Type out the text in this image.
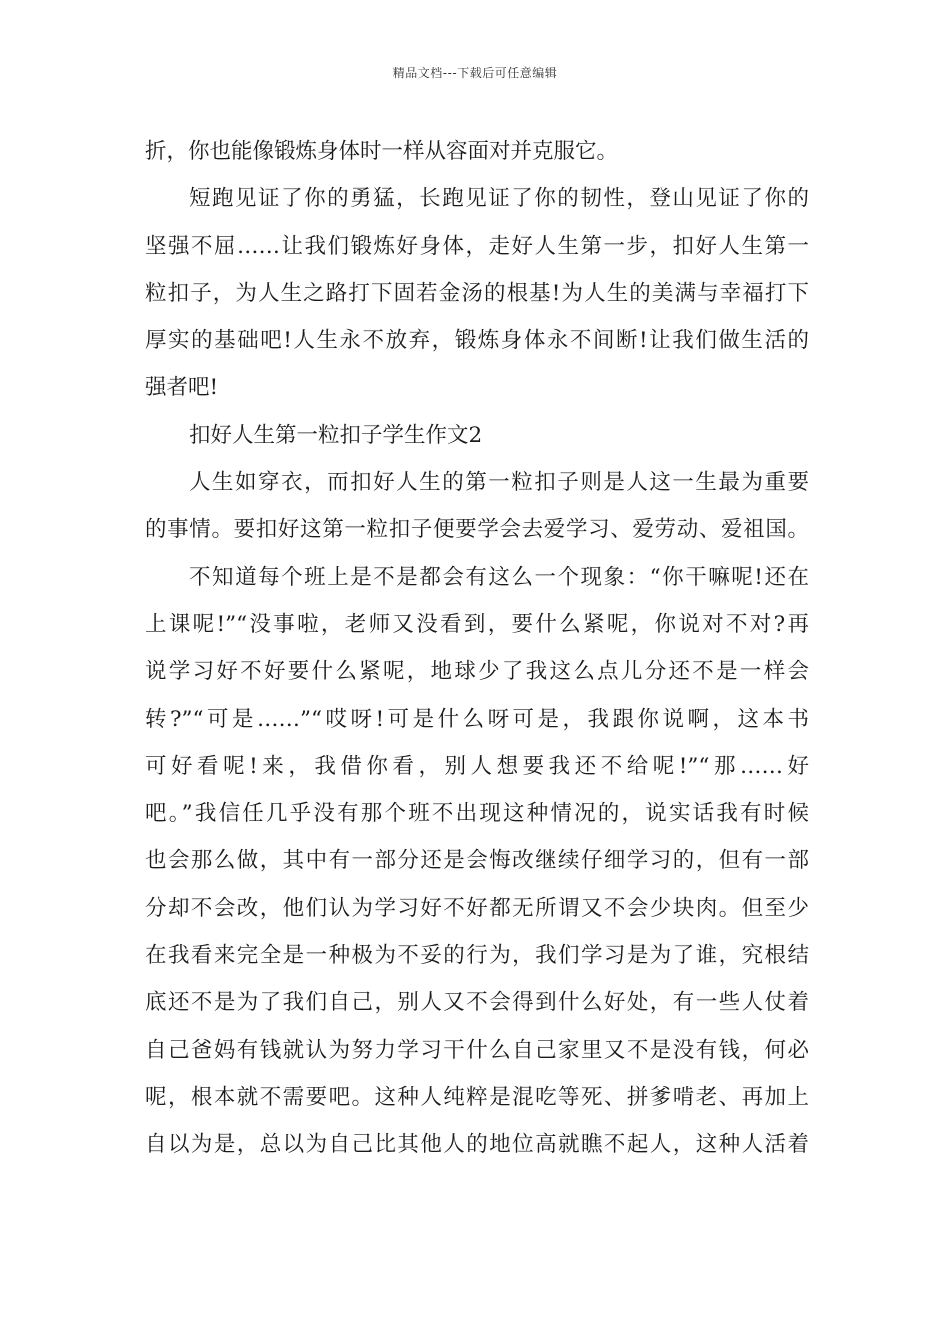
精品文档---下载后可任意编辑
折，你也能像锻炼身体时一样从容面对并克服它。
短跑见证了你的勇猛，长跑见证了你的韧性，登山见证了你的
坚强不屈……让我们锻炼好身体，走好人生第一步，扣好人生第一
粒扣子，为人生之路打下固若金汤的根基!为人生的美满与幸福打下
厚实的基础吧!人生永不放弃，锻炼身体永不间断!让我们做生活的
强者吧!
扣好人生第一粒扣子学生作文2
人生如穿衣，而扣好人生的第一粒扣子则是人这一生最为重要
的事情。要扣好这第一粒扣子便要学会去爱学习、爱劳动、爱祖国。
不知道每个班上是不是都会有这么一个现象：“你干嘛呢!还在
上课呢!”“没事啦，老师又没看到，要什么紧呢，你说对不对?再
说学习好不好要什么紧呢，地球少了我这么点儿分还不是一样会
转?”“可是……”“哎呀!可是什么呀可是，我跟你说啊，这本书
可好看呢!来，我借你看，别人想要我还不给呢!”“那……好
吧。”我信任几乎没有那个班不出现这种情况的，说实话我有时候
也会那么做，其中有一部分还是会悔改继续仔细学习的，但有一部
分却不会改，他们认为学习好不好都无所谓又不会少块肉。但至少
在我看来完全是一种极为不妥的行为，我们学习是为了谁，究根结
底还不是为了我们自己，别人又不会得到什么好处，有一些人仗着
自己爸妈有钱就认为努力学习干什么自己家里又不是没有钱，何必
呢，根本就不需要吧。这种人纯粹是混吃等死、拼爹啃老、再加上
自以为是，总以为自己比其他人的地位高就瞧不起人，这种人活着
